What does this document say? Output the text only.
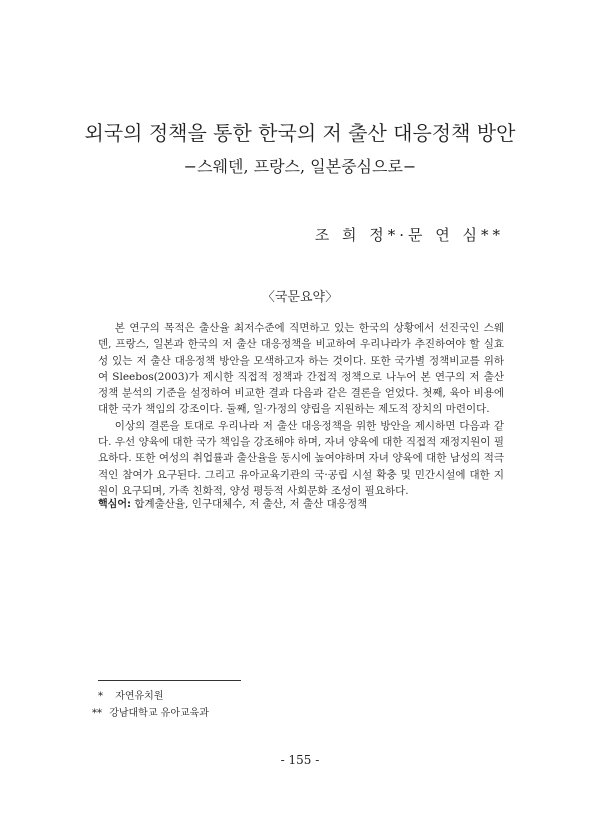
외국의 정책을 통한 한국의 저 출산 대응정책 방안
−스웨덴, 프랑스, 일본중심으로−
조 희 정*·문 연 심**
〈국문요약〉

본 연구의 목적은 출산율 최저수준에 직면하고 있는 한국의 상황에서 선진국인 스웨덴, 프랑스, 일본과 한국의 저 출산 대응정책을 비교하여 우리나라가 추진하여야 할 실효성 있는 저 출산 대응정책 방안을 모색하고자 하는 것이다. 또한 국가별 정책비교를 위하여 Sleebos(2003)가 제시한 직접적 정책과 간접적 정책으로 나누어 본 연구의 저 출산 정책 분석의 기준을 설정하여 비교한 결과 다음과 같은 결론을 얻었다. 첫째, 육아 비용에 대한 국가 책임의 강조이다. 둘째, 일·가정의 양립을 지원하는 제도적 장치의 마련이다.

이상의 결론을 토대로 우리나라 저 출산 대응정책을 위한 방안을 제시하면 다음과 같다. 우선 양육에 대한 국가 책임을 강조해야 하며, 자녀 양육에 대한 직접적 재정지원이 필요하다. 또한 여성의 취업률과 출산율을 동시에 높여야하며 자녀 양육에 대한 남성의 적극적인 참여가 요구된다. 그리고 유아교육기관의 국·공립 시설 확충 및 민간시설에 대한 지원이 요구되며, 가족 친화적, 양성 평등적 사회문화 조성이 필요하다.

핵심어: 합계출산율, 인구대체수, 저 출산, 저 출산 대응정책
* 자연유치원
** 강남대학교 유아교육과
- 155 -
